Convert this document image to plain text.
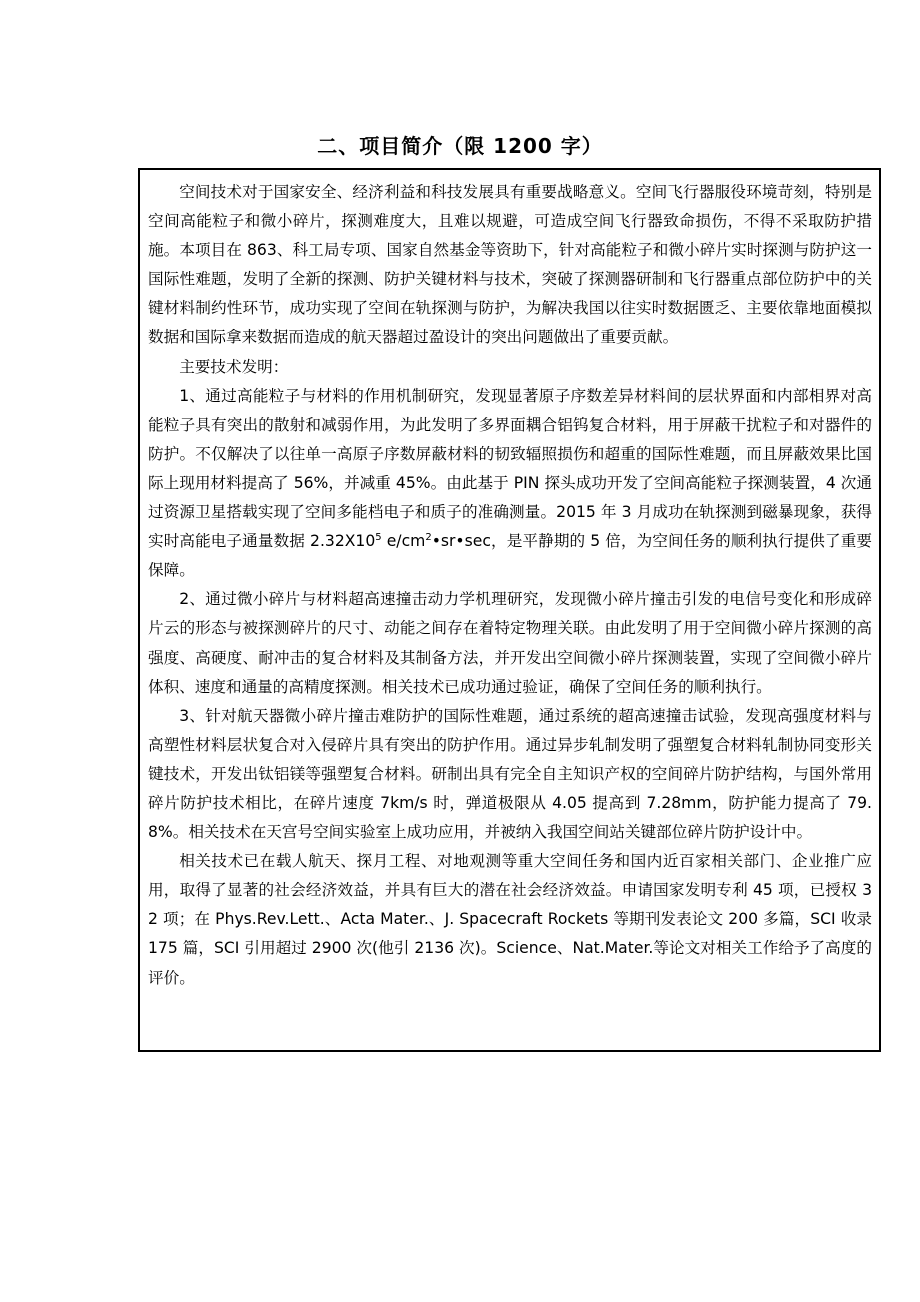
二、项目简介（限 1200 字）

空间技术对于国家安全、经济利益和科技发展具有重要战略意义。空间飞行器服役环境苛刻，特别是空间高能粒子和微小碎片，探测难度大，且难以规避，可造成空间飞行器致命损伤，不得不采取防护措施。本项目在 863、科工局专项、国家自然基金等资助下，针对高能粒子和微小碎片实时探测与防护这一国际性难题，发明了全新的探测、防护关键材料与技术，突破了探测器研制和飞行器重点部位防护中的关键材料制约性环节，成功实现了空间在轨探测与防护，为解决我国以往实时数据匮乏、主要依靠地面模拟数据和国际拿来数据而造成的航天器超过盈设计的突出问题做出了重要贡献。

主要技术发明：

1、通过高能粒子与材料的作用机制研究，发现显著原子序数差异材料间的层状界面和内部相界对高能粒子具有突出的散射和减弱作用，为此发明了多界面耦合铝钨复合材料，用于屏蔽干扰粒子和对器件的防护。不仅解决了以往单一高原子序数屏蔽材料的韧致辐照损伤和超重的国际性难题，而且屏蔽效果比国际上现用材料提高了 56%，并减重 45%。由此基于 PIN 探头成功开发了空间高能粒子探测装置，4 次通过资源卫星搭载实现了空间多能档电子和质子的准确测量。2015 年 3 月成功在轨探测到磁暴现象，获得实时高能电子通量数据 $2.32X10^5$ $e/cm^2•sr•\sec$，是平静期的 5 倍，为空间任务的顺利执行提供了重要保障。

2、通过微小碎片与材料超高速撞击动力学机理研究，发现微小碎片撞击引发的电信号变化和形成碎片云的形态与被探测碎片的尺寸、动能之间存在着特定物理关联。由此发明了用于空间微小碎片探测的高强度、高硬度、耐冲击的复合材料及其制备方法，并开发出空间微小碎片探测装置，实现了空间微小碎片体积、速度和通量的高精度探测。相关技术已成功通过验证，确保了空间任务的顺利执行。

3、针对航天器微小碎片撞击难防护的国际性难题，通过系统的超高速撞击试验，发现高强度材料与高塑性材料层状复合对入侵碎片具有突出的防护作用。通过异步轧制发明了强塑复合材料轧制协同变形关键技术，开发出钛铝镁等强塑复合材料。研制出具有完全自主知识产权的空间碎片防护结构，与国外常用碎片防护技术相比，在碎片速度 7km/s 时，弹道极限从 4.05 提高到 7.28mm，防护能力提高了 79.8%。相关技术在天宫号空间实验室上成功应用，并被纳入我国空间站关键部位碎片防护设计中。

相关技术已在载人航天、探月工程、对地观测等重大空间任务和国内近百家相关部门、企业推广应用，取得了显著的社会经济效益，并具有巨大的潜在社会经济效益。申请国家发明专利 45 项，已授权 32 项；在 Phys.Rev.Lett.、Acta Mater.、J. Spacecraft Rockets 等期刊发表论文 200 多篇，SCI 收录 175 篇，SCI 引用超过 2900 次(他引 2136 次)。Science、Nat.Mater.等论文对相关工作给予了高度的评价。
